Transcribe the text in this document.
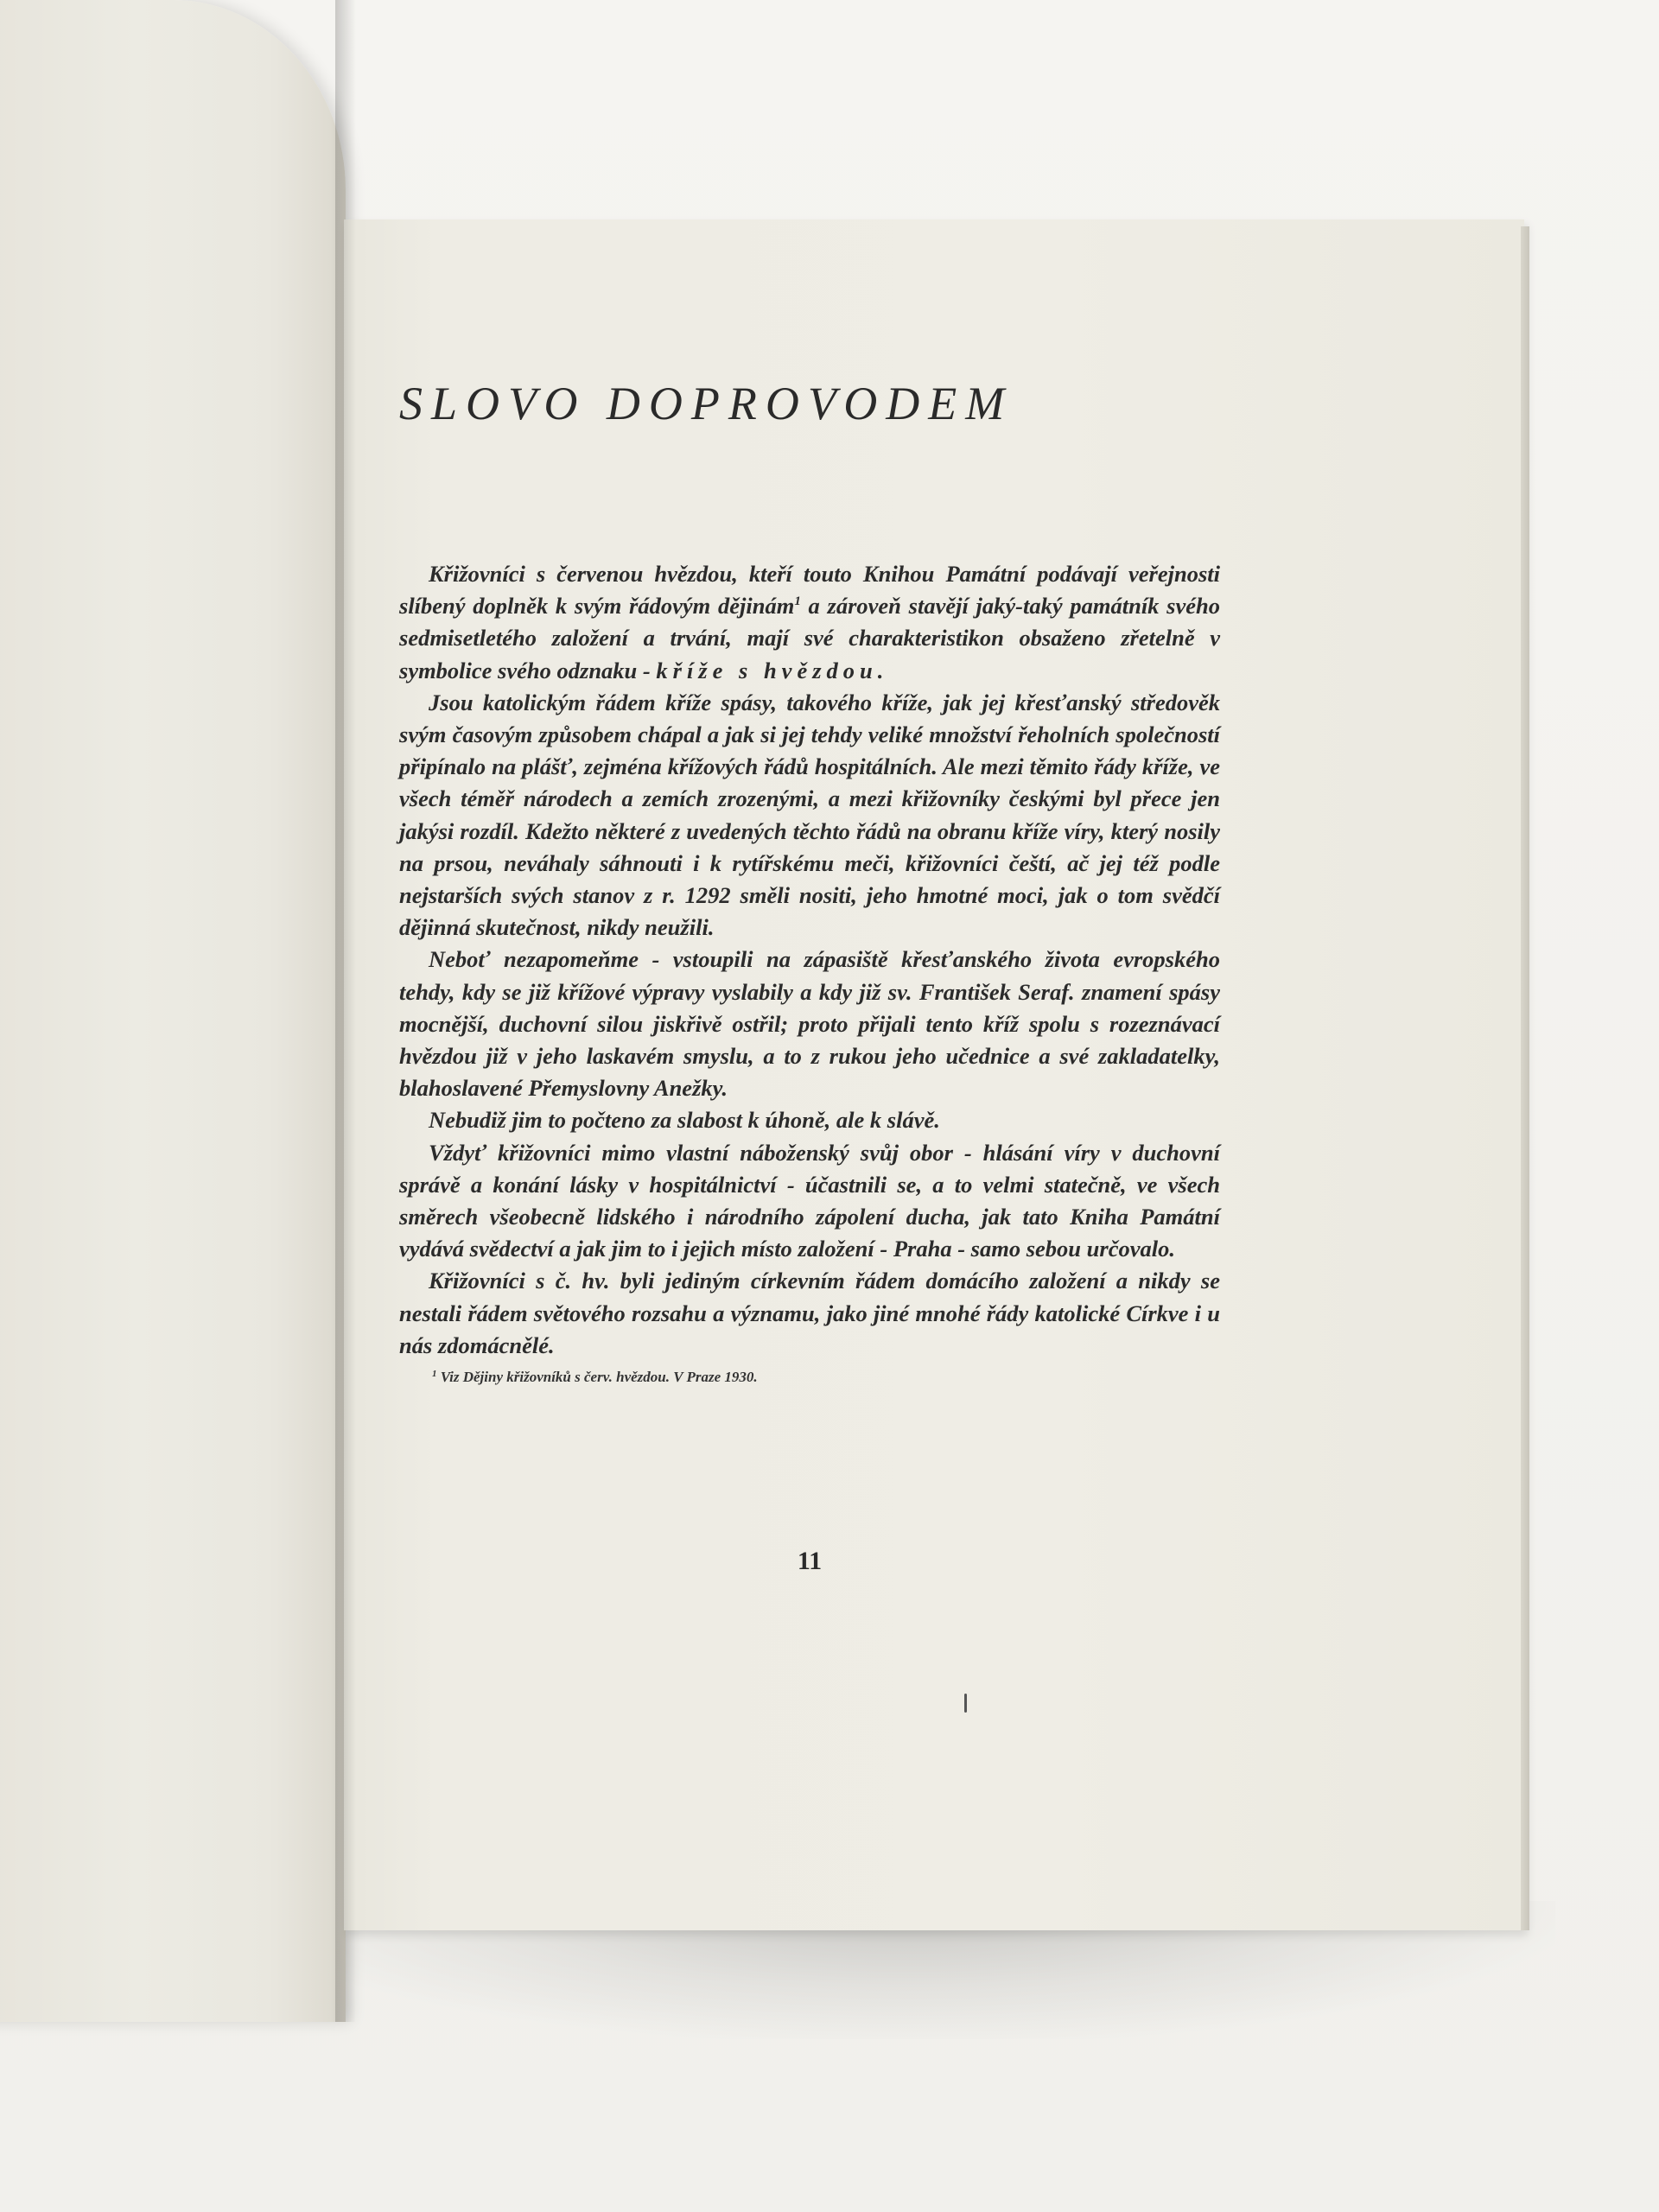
SLOVO DOPROVODEM

Křižovníci s červenou hvězdou, kteří touto Knihou Památní podávají veřejnosti slíbený doplněk k svým řádovým dějinám$^1$ a zároveň stavějí jaký-taký památník svého sedmisetletého založení a trvání, mají své charakteristikon obsaženo zřetelně v symbolice svého odznaku - kříže s hvězdou.

Jsou katolickým řádem kříže spásy, takového kříže, jak jej křesťanský středověk svým časovým způsobem chápal a jak si jej tehdy veliké množství řeholních společností připínalo na plášť, zejména křížových řádů hospitálních. Ale mezi těmito řády kříže, ve všech téměř národech a zemích zrozenými, a mezi křižovníky českými byl přece jen jakýsi rozdíl. Kdežto některé z uvedených těchto řádů na obranu kříže víry, který nosily na prsou, neváhaly sáhnouti i k rytířskému meči, křižovníci čeští, ač jej též podle nejstarších svých stanov z r. 1292 směli nositi, jeho hmotné moci, jak o tom svědčí dějinná skutečnost, nikdy neužili.

Neboť nezapomeňme - vstoupili na zápasiště křesťanského života evropského tehdy, kdy se již křížové výpravy vyslabily a kdy již sv. František Seraf. znamení spásy mocnější, duchovní silou jiskřivě ostřil; proto přijali tento kříž spolu s rozeznávací hvězdou již v jeho laskavém smyslu, a to z rukou jeho učednice a své zakladatelky, blahoslavené Přemyslovny Anežky.

Nebudiž jim to počteno za slabost k úhoně, ale k slávě.

Vždyť křižovníci mimo vlastní náboženský svůj obor - hlásání víry v duchovní správě a konání lásky v hospitálnictví - účastnili se, a to velmi statečně, ve všech směrech všeobecně lidského i národního zápolení ducha, jak tato Kniha Památní vydává svědectví a jak jim to i jejich místo založení - Praha - samo sebou určovalo.

Křižovníci s č. hv. byli jediným církevním řádem domácího založení a nikdy se nestali řádem světového rozsahu a významu, jako jiné mnohé řády katolické Církve i u nás zdomácnělé.

$^1$ Viz Dějiny křižovníků s červ. hvězdou. V Praze 1930.
11
